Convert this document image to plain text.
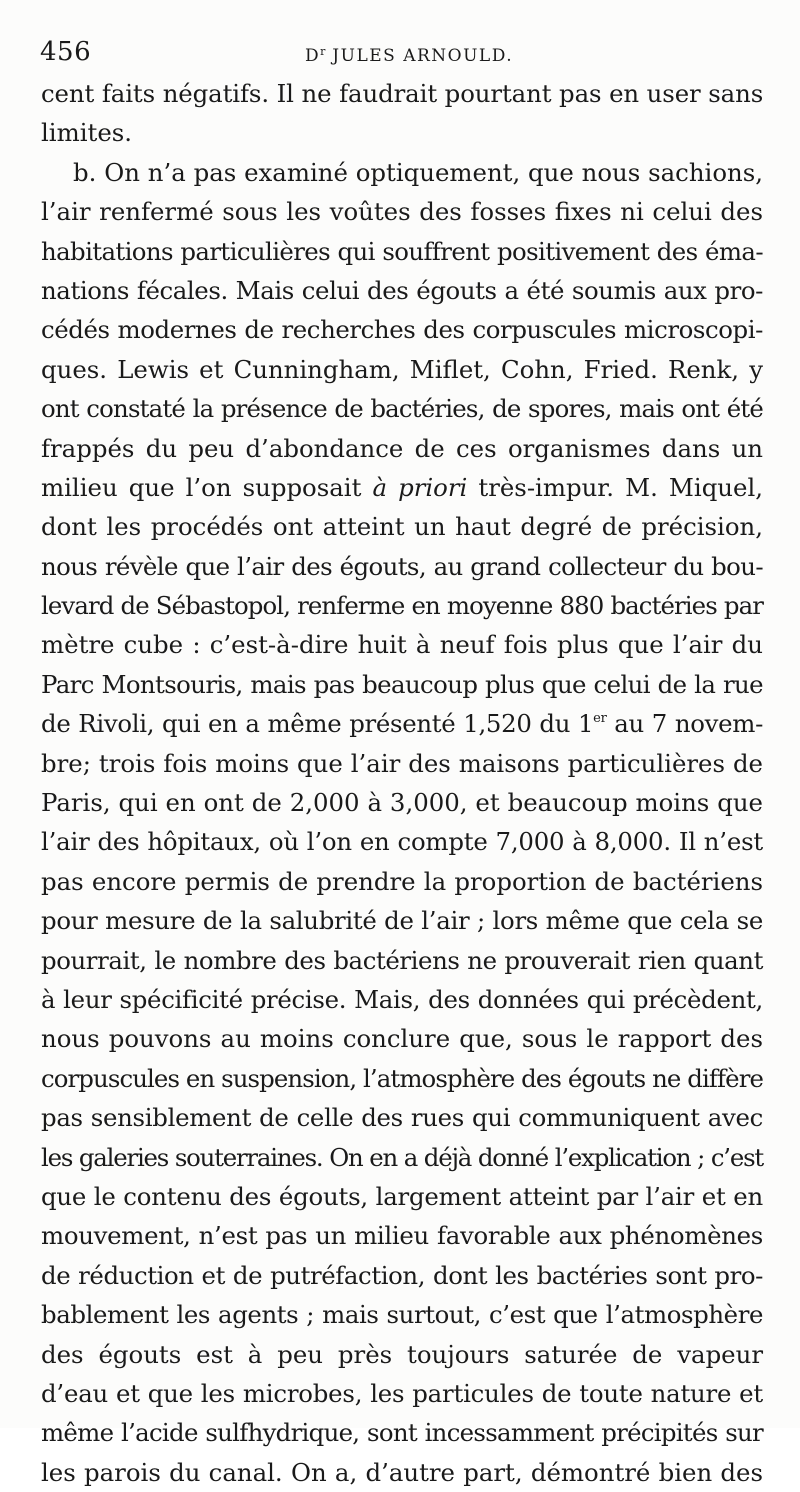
456	$D^r$ JULES ARNOULD.
cent faits négatifs. Il ne faudrait pourtant pas en user sans
limites.
b. On n’a pas examiné optiquement, que nous sachions,
l’air renfermé sous les voûtes des fosses fixes ni celui des
habitations particulières qui souffrent positivement des éma-
nations fécales. Mais celui des égouts a été soumis aux pro-
cédés modernes de recherches des corpuscules microscopi-
ques. Lewis et Cunningham, Miflet, Cohn, Fried. Renk, y
ont constaté la présence de bactéries, de spores, mais ont été
frappés du peu d’abondance de ces organismes dans un
milieu que l’on supposait à priori très-impur. M. Miquel,
dont les procédés ont atteint un haut degré de précision,
nous révèle que l’air des égouts, au grand collecteur du bou-
levard de Sébastopol, renferme en moyenne 880 bactéries par
mètre cube : c’est-à-dire huit à neuf fois plus que l’air du
Parc Montsouris, mais pas beaucoup plus que celui de la rue
de Rivoli, qui en a même présenté 1,520 du 1er au 7 novem-
bre; trois fois moins que l’air des maisons particulières de
Paris, qui en ont de 2,000 à 3,000, et beaucoup moins que
l’air des hôpitaux, où l’on en compte 7,000 à 8,000. Il n’est
pas encore permis de prendre la proportion de bactériens
pour mesure de la salubrité de l’air ; lors même que cela se
pourrait, le nombre des bactériens ne prouverait rien quant
à leur spécificité précise. Mais, des données qui précèdent,
nous pouvons au moins conclure que, sous le rapport des
corpuscules en suspension, l’atmosphère des égouts ne diffère
pas sensiblement de celle des rues qui communiquent avec
les galeries souterraines. On en a déjà donné l’explication ; c’est
que le contenu des égouts, largement atteint par l’air et en
mouvement, n’est pas un milieu favorable aux phénomènes
de réduction et de putréfaction, dont les bactéries sont pro-
bablement les agents ; mais surtout, c’est que l’atmosphère
des égouts est à peu près toujours saturée de vapeur
d’eau et que les microbes, les particules de toute nature et
même l’acide sulfhydrique, sont incessamment précipités sur
les parois du canal. On a, d’autre part, démontré bien des
